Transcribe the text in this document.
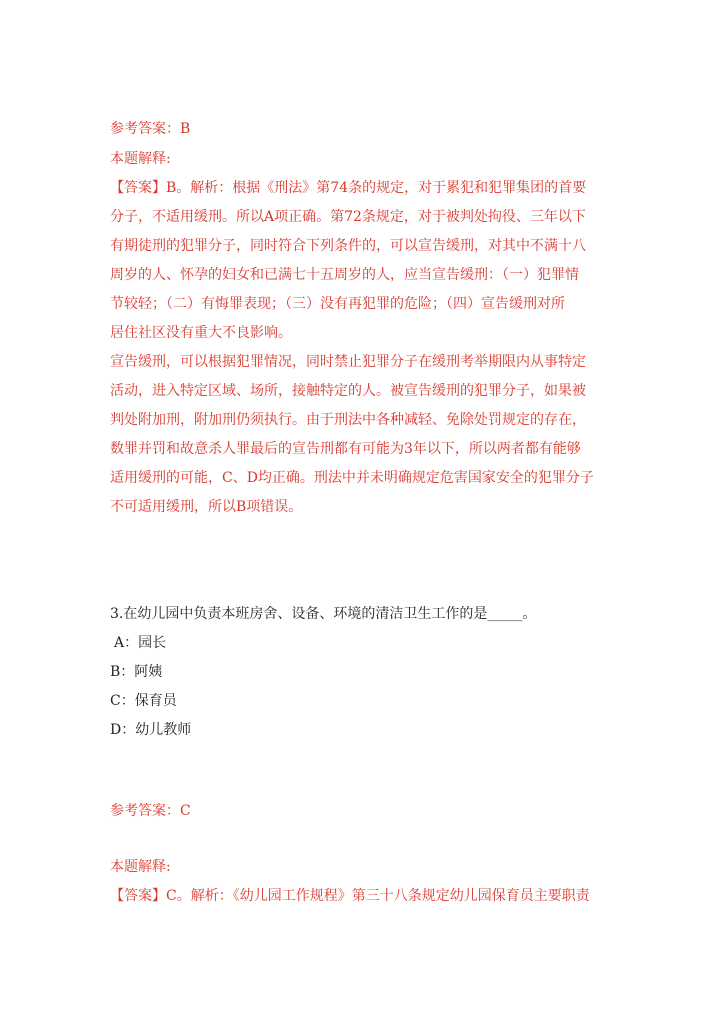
参考答案：B
本题解释:
【答案】B。解析：根据《刑法》第74条的规定，对于累犯和犯罪集团的首要
分子，不适用缓刑。所以A项正确。第72条规定，对于被判处拘役、三年以下
有期徒刑的犯罪分子，同时符合下列条件的，可以宣告缓刑，对其中不满十八
周岁的人、怀孕的妇女和已满七十五周岁的人，应当宣告缓刑：（一）犯罪情
节较轻；（二）有悔罪表现；（三）没有再犯罪的危险；（四）宣告缓刑对所
居住社区没有重大不良影响。
宣告缓刑，可以根据犯罪情况，同时禁止犯罪分子在缓刑考举期限内从事特定
活动，进入特定区域、场所，接触特定的人。被宣告缓刑的犯罪分子，如果被
判处附加刑，附加刑仍须执行。由于刑法中各种减轻、免除处罚规定的存在，
数罪并罚和故意杀人罪最后的宣告刑都有可能为3年以下，所以两者都有能够
适用缓刑的可能，C、D均正确。刑法中并未明确规定危害国家安全的犯罪分子
不可适用缓刑，所以B项错误。
3.在幼儿园中负责本班房舍、设备、环境的清洁卫生工作的是_____。
A：园长
B：阿姨
C：保育员
D：幼儿教师
参考答案：C
本题解释:
【答案】C。解析：《幼儿园工作规程》第三十八条规定幼儿园保育员主要职责
